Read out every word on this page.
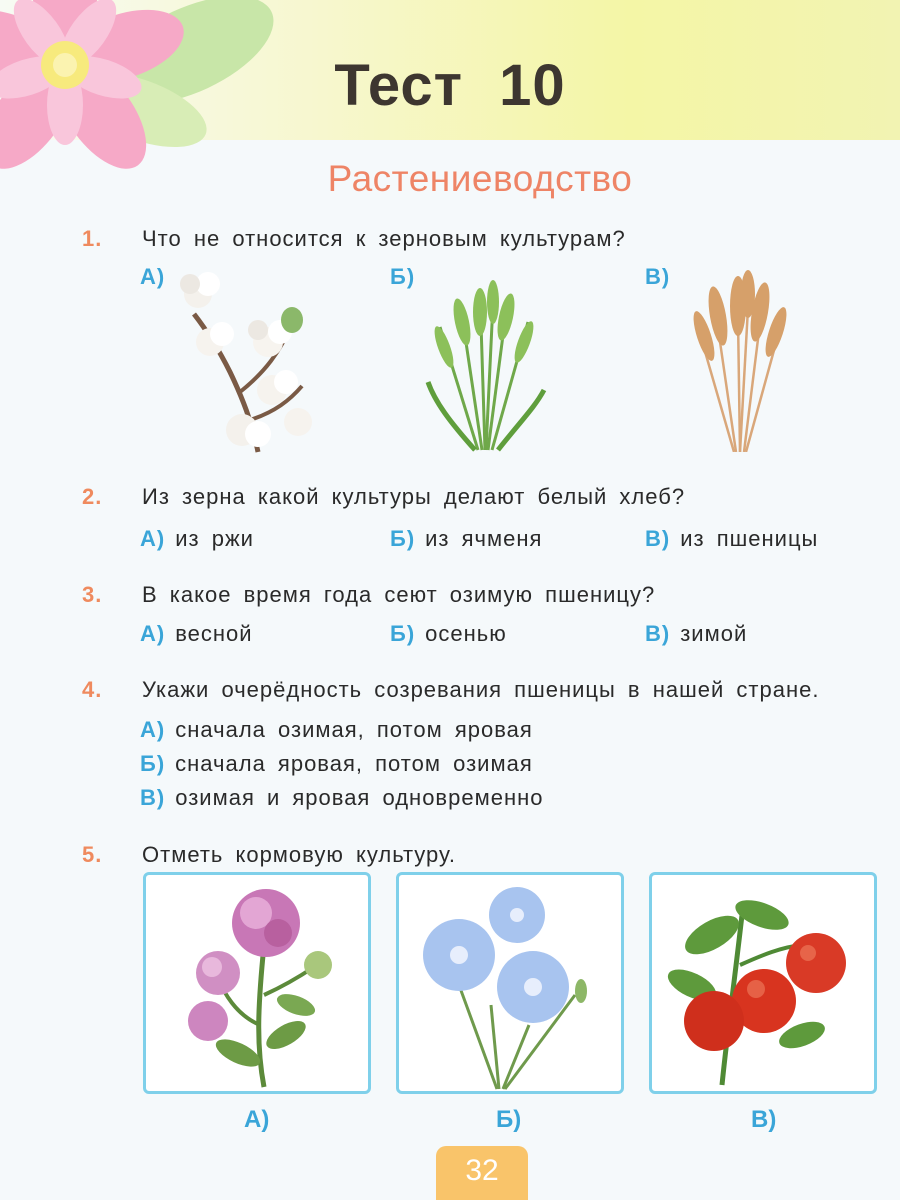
Тест 10
Растениеводство
1. Что не относится к зерновым культурам?
А)	Б)	В)
2. Из зерна какой культуры делают белый хлеб?
А) из ржи	Б) из ячменя	В) из пшеницы
3. В какое время года сеют озимую пшеницу?
А) весной	Б) осенью	В) зимой
4. Укажи очерёдность созревания пшеницы в нашей стране.
А) сначала озимая, потом яровая
Б) сначала яровая, потом озимая
В) озимая и яровая одновременно
5. Отметь кормовую культуру.
А)	Б)	В)
32
